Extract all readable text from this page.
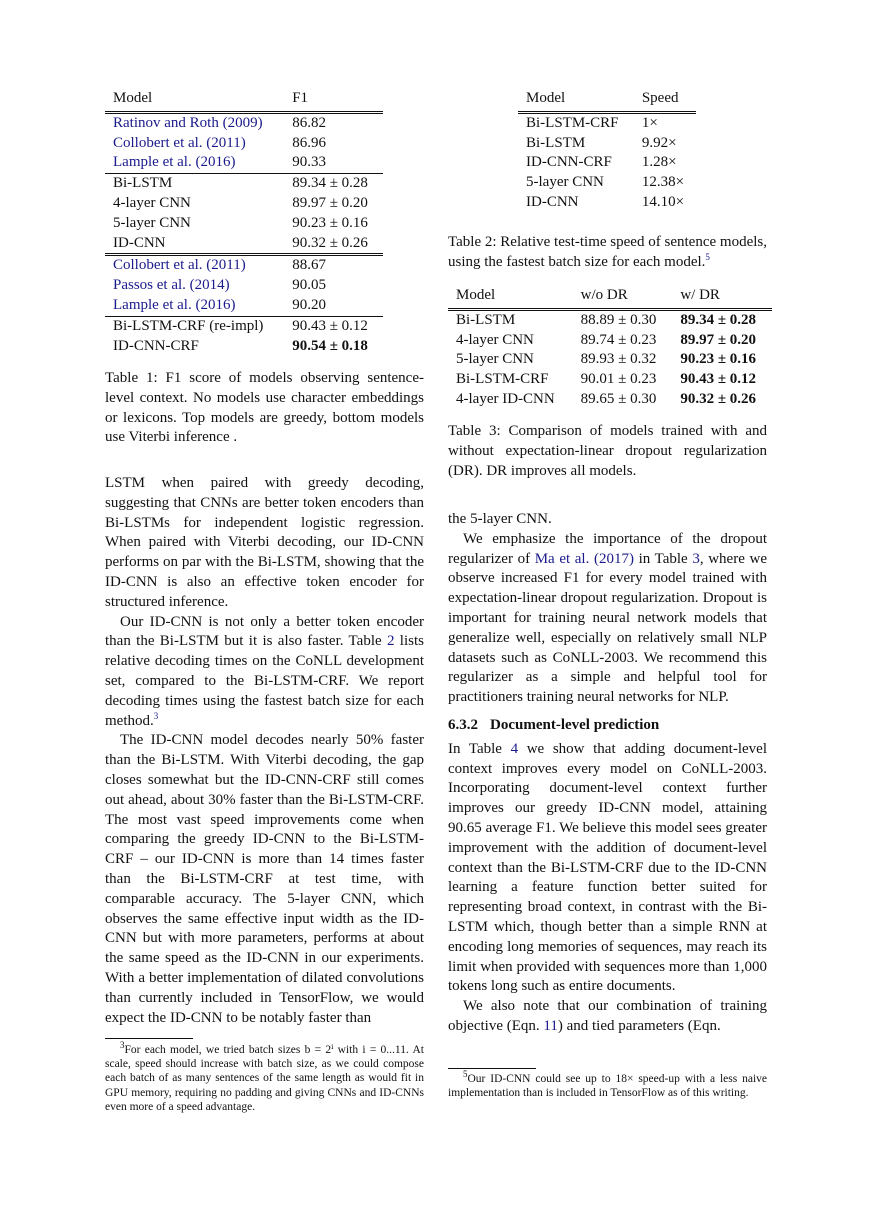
Model	F1
Ratinov and Roth (2009)	86.82
Collobert et al. (2011)	86.96
Lample et al. (2016)	90.33
Bi-LSTM	89.34 ± 0.28
4-layer CNN	89.97 ± 0.20
5-layer CNN	90.23 ± 0.16
ID-CNN	90.32 ± 0.26
Collobert et al. (2011)	88.67
Passos et al. (2014)	90.05
Lample et al. (2016)	90.20
Bi-LSTM-CRF (re-impl)	90.43 ± 0.12
ID-CNN-CRF	90.54 ± 0.18
Table 1: F1 score of models observing sentence-level context. No models use character embeddings or lexicons. Top models are greedy, bottom models use Viterbi inference .

LSTM when paired with greedy decoding, suggesting that CNNs are better token encoders than Bi-LSTMs for independent logistic regression. When paired with Viterbi decoding, our ID-CNN performs on par with the Bi-LSTM, showing that the ID-CNN is also an effective token encoder for structured inference.

Our ID-CNN is not only a better token encoder than the Bi-LSTM but it is also faster. Table 2 lists relative decoding times on the CoNLL development set, compared to the Bi-LSTM-CRF. We report decoding times using the fastest batch size for each method.$^3$

The ID-CNN model decodes nearly 50% faster than the Bi-LSTM. With Viterbi decoding, the gap closes somewhat but the ID-CNN-CRF still comes out ahead, about 30% faster than the Bi-LSTM-CRF. The most vast speed improvements come when comparing the greedy ID-CNN to the Bi-LSTM-CRF – our ID-CNN is more than 14 times faster than the Bi-LSTM-CRF at test time, with comparable accuracy. The 5-layer CNN, which observes the same effective input width as the ID-CNN but with more parameters, performs at about the same speed as the ID-CNN in our experiments. With a better implementation of dilated convolutions than currently included in TensorFlow, we would expect the ID-CNN to be notably faster than

$^3$For each model, we tried batch sizes b = 2ⁱ with i = 0...11. At scale, speed should increase with batch size, as we could compose each batch of as many sentences of the same length as would fit in GPU memory, requiring no padding and giving CNNs and ID-CNNs even more of a speed advantage.
Model	Speed
Bi-LSTM-CRF	1×
Bi-LSTM	9.92×
ID-CNN-CRF	1.28×
5-layer CNN	12.38×
ID-CNN	14.10×
Table 2: Relative test-time speed of sentence models, using the fastest batch size for each model.$^5$
Model	w/o DR	w/ DR
Bi-LSTM	88.89 ± 0.30	89.34 ± 0.28
4-layer CNN	89.74 ± 0.23	89.97 ± 0.20
5-layer CNN	89.93 ± 0.32	90.23 ± 0.16
Bi-LSTM-CRF	90.01 ± 0.23	90.43 ± 0.12
4-layer ID-CNN	89.65 ± 0.30	90.32 ± 0.26
Table 3: Comparison of models trained with and without expectation-linear dropout regularization (DR). DR improves all models.

the 5-layer CNN.

We emphasize the importance of the dropout regularizer of Ma et al. (2017) in Table 3, where we observe increased F1 for every model trained with expectation-linear dropout regularization. Dropout is important for training neural network models that generalize well, especially on relatively small NLP datasets such as CoNLL-2003. We recommend this regularizer as a simple and helpful tool for practitioners training neural networks for NLP.

6.3.2 Document-level prediction

In Table 4 we show that adding document-level context improves every model on CoNLL-2003. Incorporating document-level context further improves our greedy ID-CNN model, attaining 90.65 average F1. We believe this model sees greater improvement with the addition of document-level context than the Bi-LSTM-CRF due to the ID-CNN learning a feature function better suited for representing broad context, in contrast with the Bi-LSTM which, though better than a simple RNN at encoding long memories of sequences, may reach its limit when provided with sequences more than 1,000 tokens long such as entire documents.

We also note that our combination of training objective (Eqn. 11) and tied parameters (Eqn.

$^5$Our ID-CNN could see up to 18× speed-up with a less naive implementation than is included in TensorFlow as of this writing.
